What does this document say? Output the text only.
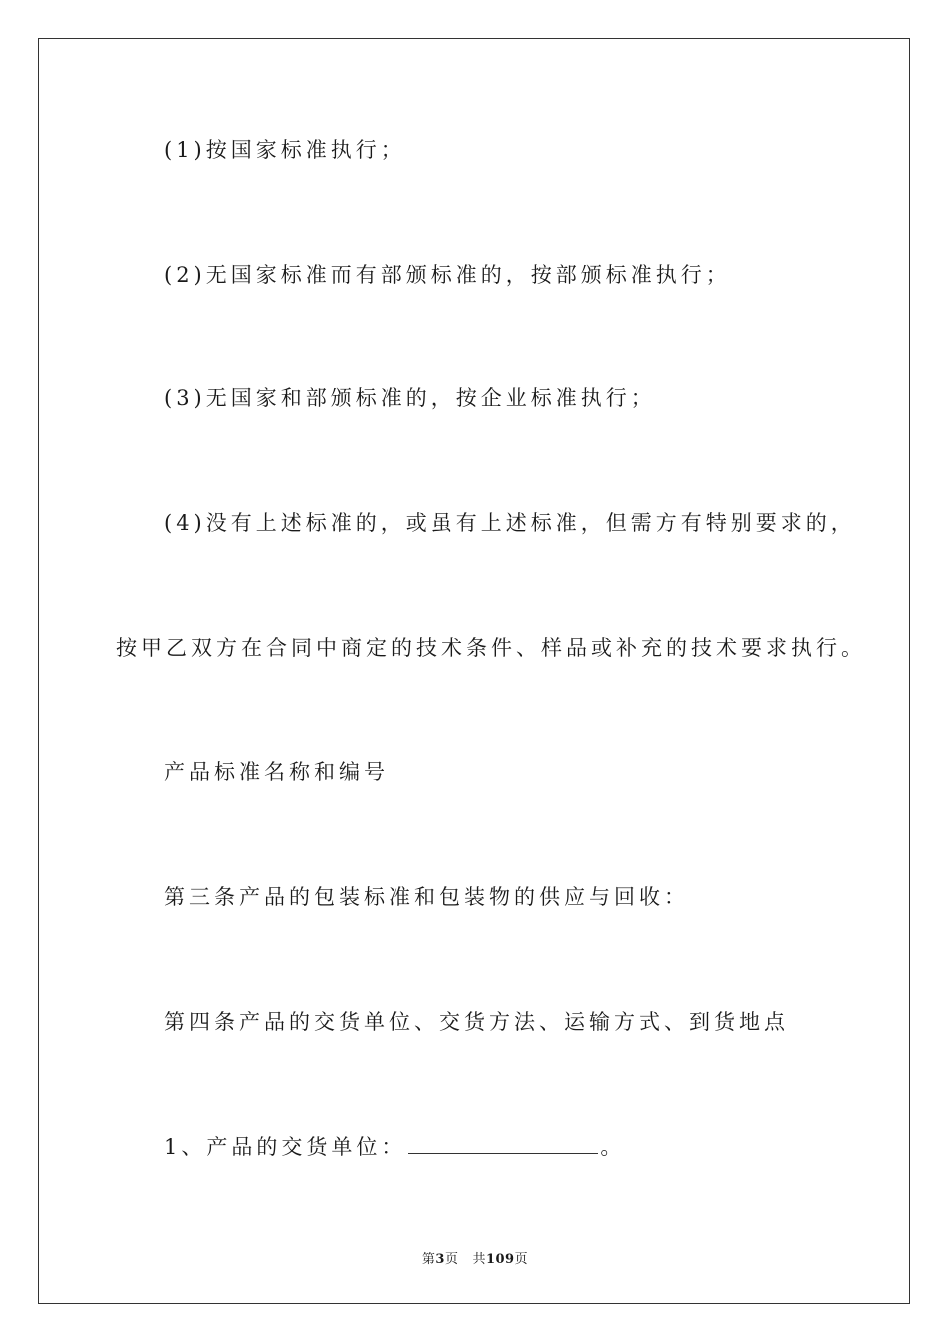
(1)按国家标准执行；
(2)无国家标准而有部颁标准的，按部颁标准执行；
(3)无国家和部颁标准的，按企业标准执行；
(4)没有上述标准的，或虽有上述标准，但需方有特别要求的，
按甲乙双方在合同中商定的技术条件、样品或补充的技术要求执行。
产品标准名称和编号
第三条产品的包装标准和包装物的供应与回收：
第四条产品的交货单位、交货方法、运输方式、到货地点
1、产品的交货单位：	。
第3页 共109页
